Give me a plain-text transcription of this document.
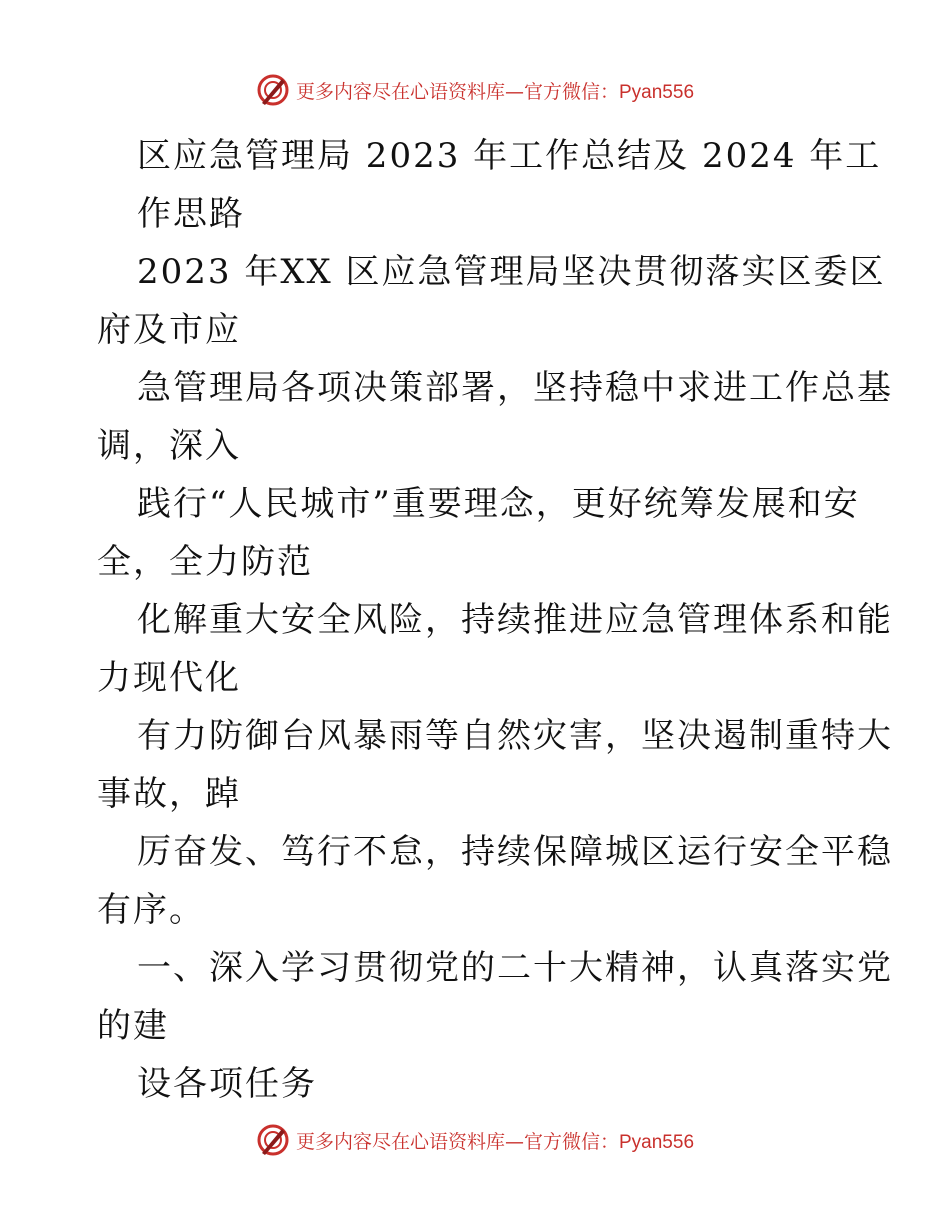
更多内容尽在心语资料库—官方微信：Pyan556
区应急管理局 2023 年工作总结及 2024 年工
作思路
2023 年XX 区应急管理局坚决贯彻落实区委区
府及市应
急管理局各项决策部署，坚持稳中求进工作总基
调，深入
践行“人民城市”重要理念，更好统筹发展和安
全，全力防范
化解重大安全风险，持续推进应急管理体系和能
力现代化
有力防御台风暴雨等自然灾害，坚决遏制重特大
事故，踔
厉奋发、笃行不怠，持续保障城区运行安全平稳
有序。
一、深入学习贯彻党的二十大精神，认真落实党
的建
设各项任务
更多内容尽在心语资料库—官方微信：Pyan556
